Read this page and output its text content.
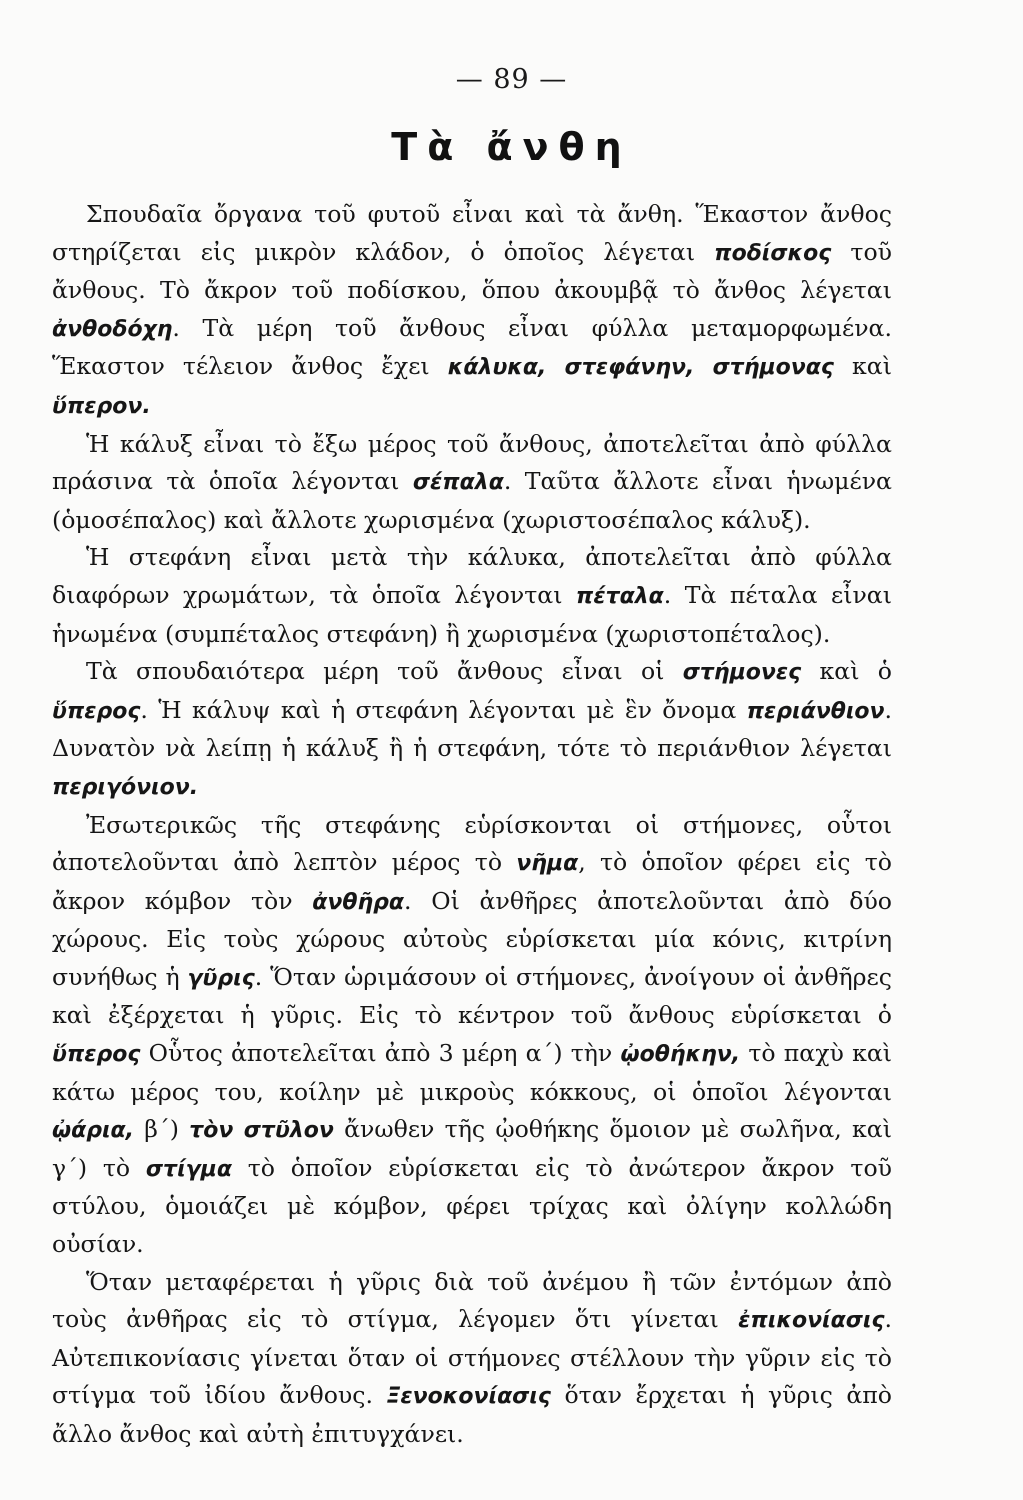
— 89 —
Τὰ ἄνθη

Σπουδαῖα ὄργανα τοῦ φυτοῦ εἶναι καὶ τὰ ἄνθη. Ἕκαστον ἄνθος στηρίζεται εἰς μικρὸν κλάδον, ὁ ὁποῖος λέγεται ποδίσκος τοῦ ἄνθους. Τὸ ἄκρον τοῦ ποδίσκου, ὅπου ἀκουμβᾷ τὸ ἄνθος λέγεται ἀνθοδόχη. Τὰ μέρη τοῦ ἄνθους εἶναι φύλλα μεταμορφωμένα. Ἕκαστον τέλειον ἄνθος ἔχει κάλυκα, στεφάνην, στήμονας καὶ ὕπερον.

Ἡ κάλυξ εἶναι τὸ ἔξω μέρος τοῦ ἄνθους, ἀποτελεῖται ἀπὸ φύλλα πράσινα τὰ ὁποῖα λέγονται σέπαλα. Ταῦτα ἄλλοτε εἶναι ἡνωμένα (ὁμοσέπαλος) καὶ ἄλλοτε χωρισμένα (χωριστοσέπαλος κάλυξ).

Ἡ στεφάνη εἶναι μετὰ τὴν κάλυκα, ἀποτελεῖται ἀπὸ φύλλα διαφόρων χρωμάτων, τὰ ὁποῖα λέγονται πέταλα. Τὰ πέταλα εἶναι ἡνωμένα (συμπέταλος στεφάνη) ἢ χωρισμένα (χωριστοπέταλος).

Τὰ σπουδαιότερα μέρη τοῦ ἄνθους εἶναι οἱ στήμονες καὶ ὁ ὕπερος. Ἡ κάλυψ καὶ ἡ στεφάνη λέγονται μὲ ἓν ὄνομα περιάνθιον. Δυνατὸν νὰ λείπῃ ἡ κάλυξ ἢ ἡ στεφάνη, τότε τὸ περιάνθιον λέγεται περιγόνιον.

Ἐσωτερικῶς τῆς στεφάνης εὑρίσκονται οἱ στήμονες, οὗτοι ἀποτελοῦνται ἀπὸ λεπτὸν μέρος τὸ νῆμα, τὸ ὁποῖον φέρει εἰς τὸ ἄκρον κόμβον τὸν ἀνθῆρα. Οἱ ἀνθῆρες ἀποτελοῦνται ἀπὸ δύο χώρους. Εἰς τοὺς χώρους αὐτοὺς εὑρίσκεται μία κόνις, κιτρίνη συνήθως ἡ γῦρις. Ὅταν ὡριμάσουν οἱ στήμονες, ἀνοίγουν οἱ ἀνθῆρες καὶ ἐξέρχεται ἡ γῦρις. Εἰς τὸ κέντρον τοῦ ἄνθους εὑρίσκεται ὁ ὕπερος Οὗτος ἀποτελεῖται ἀπὸ 3 μέρη α΄) τὴν ᾠοθήκην, τὸ παχὺ καὶ κάτω μέρος του, κοίλην μὲ μικροὺς κόκκους, οἱ ὁποῖοι λέγονται ᾠάρια, β΄) τὸν στῦλον ἄνωθεν τῆς ᾠοθήκης ὅμοιον μὲ σωλῆνα, καὶ γ΄) τὸ στίγμα τὸ ὁποῖον εὑρίσκεται εἰς τὸ ἀνώτερον ἄκρον τοῦ στύλου, ὁμοιάζει μὲ κόμβον, φέρει τρίχας καὶ ὀλίγην κολλώδη οὐσίαν.

Ὅταν μεταφέρεται ἡ γῦρις διὰ τοῦ ἀνέμου ἢ τῶν ἐντόμων ἀπὸ τοὺς ἀνθῆρας εἰς τὸ στίγμα, λέγομεν ὅτι γίνεται ἐπικονίασις. Αὐτεπικονίασις γίνεται ὅταν οἱ στήμονες στέλλουν τὴν γῦριν εἰς τὸ στίγμα τοῦ ἰδίου ἄνθους. Ξενοκονίασις ὅταν ἔρχεται ἡ γῦρις ἀπὸ ἄλλο ἄνθος καὶ αὐτὴ ἐπιτυγχάνει.
